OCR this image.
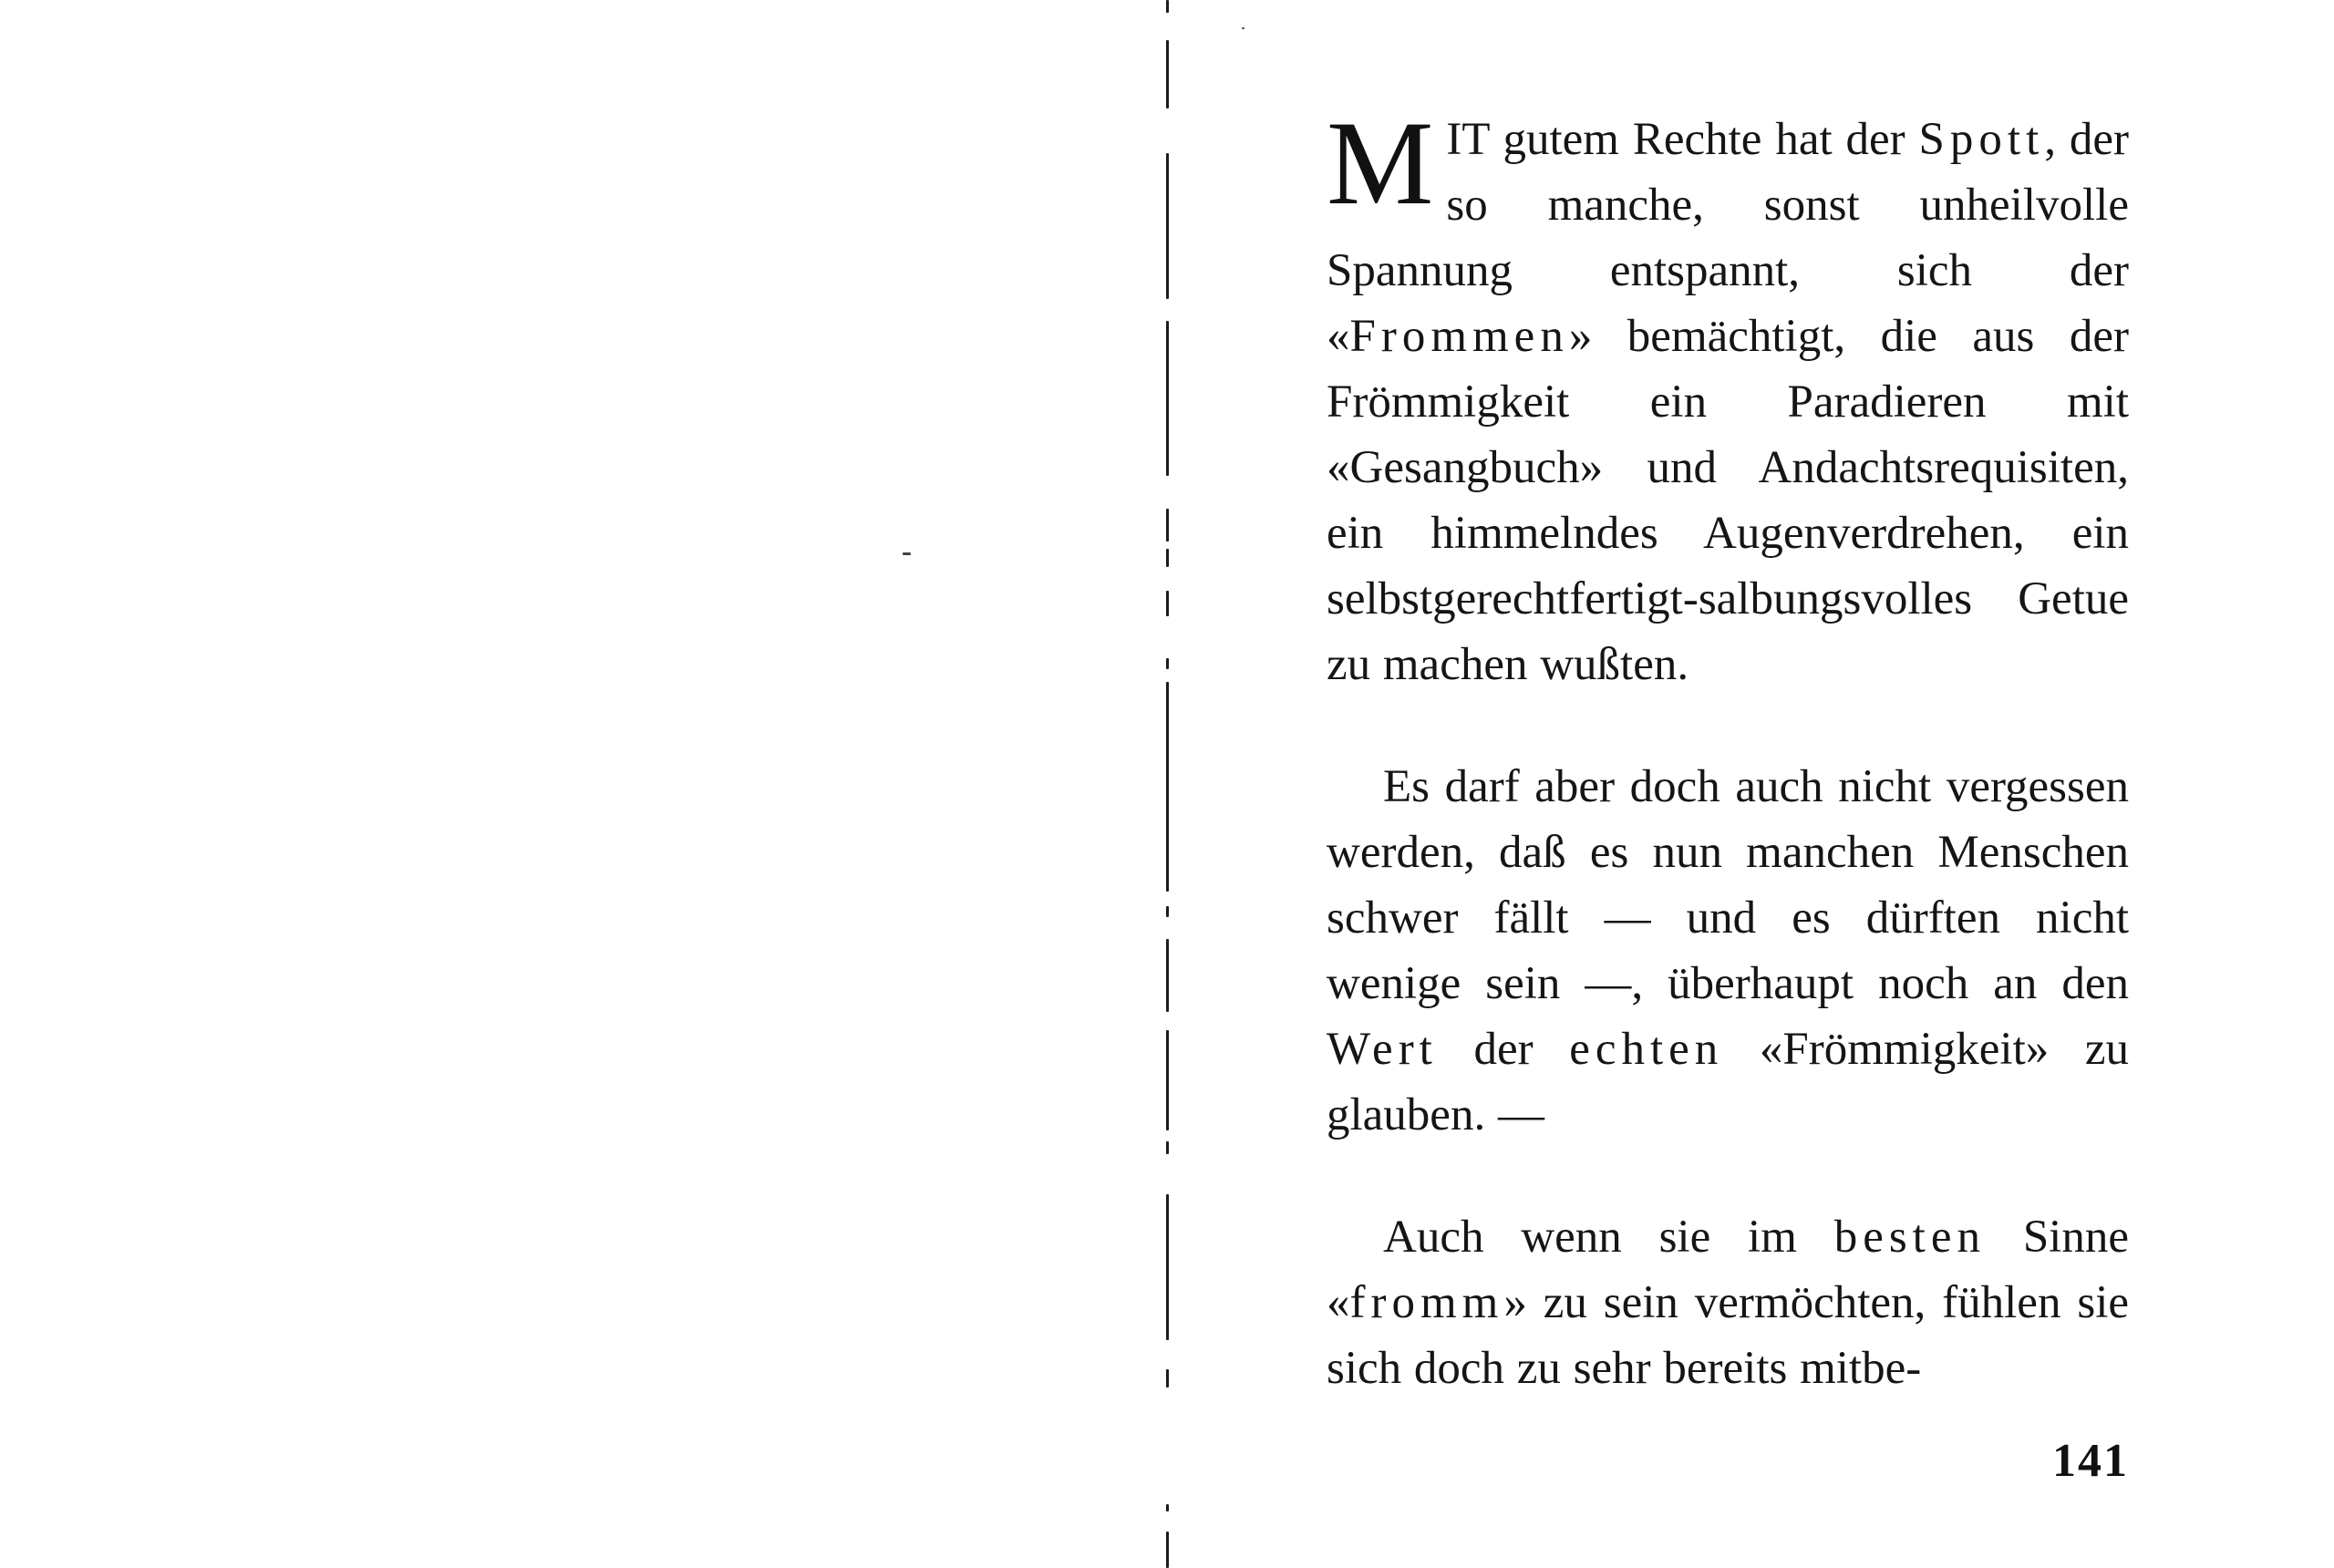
MIT gutem Rechte hat der Spott, der so manche, sonst unheilvolle Spannung entspannt, sich der «Frommen» bemächtigt, die aus der Frömmigkeit ein Paradieren mit «Gesangbuch» und Andachtsrequisiten, ein himmelndes Augenverdrehen, ein selbstgerechtfertigt-salbungsvolles Getue zu machen wußten.

Es darf aber doch auch nicht vergessen werden, daß es nun manchen Menschen schwer fällt — und es dürften nicht wenige sein —, überhaupt noch an den Wert der echten «Frömmigkeit» zu glauben. —

Auch wenn sie im besten Sinne «fromm» zu sein vermöchten, fühlen sie sich doch zu sehr bereits mitbe-

141
